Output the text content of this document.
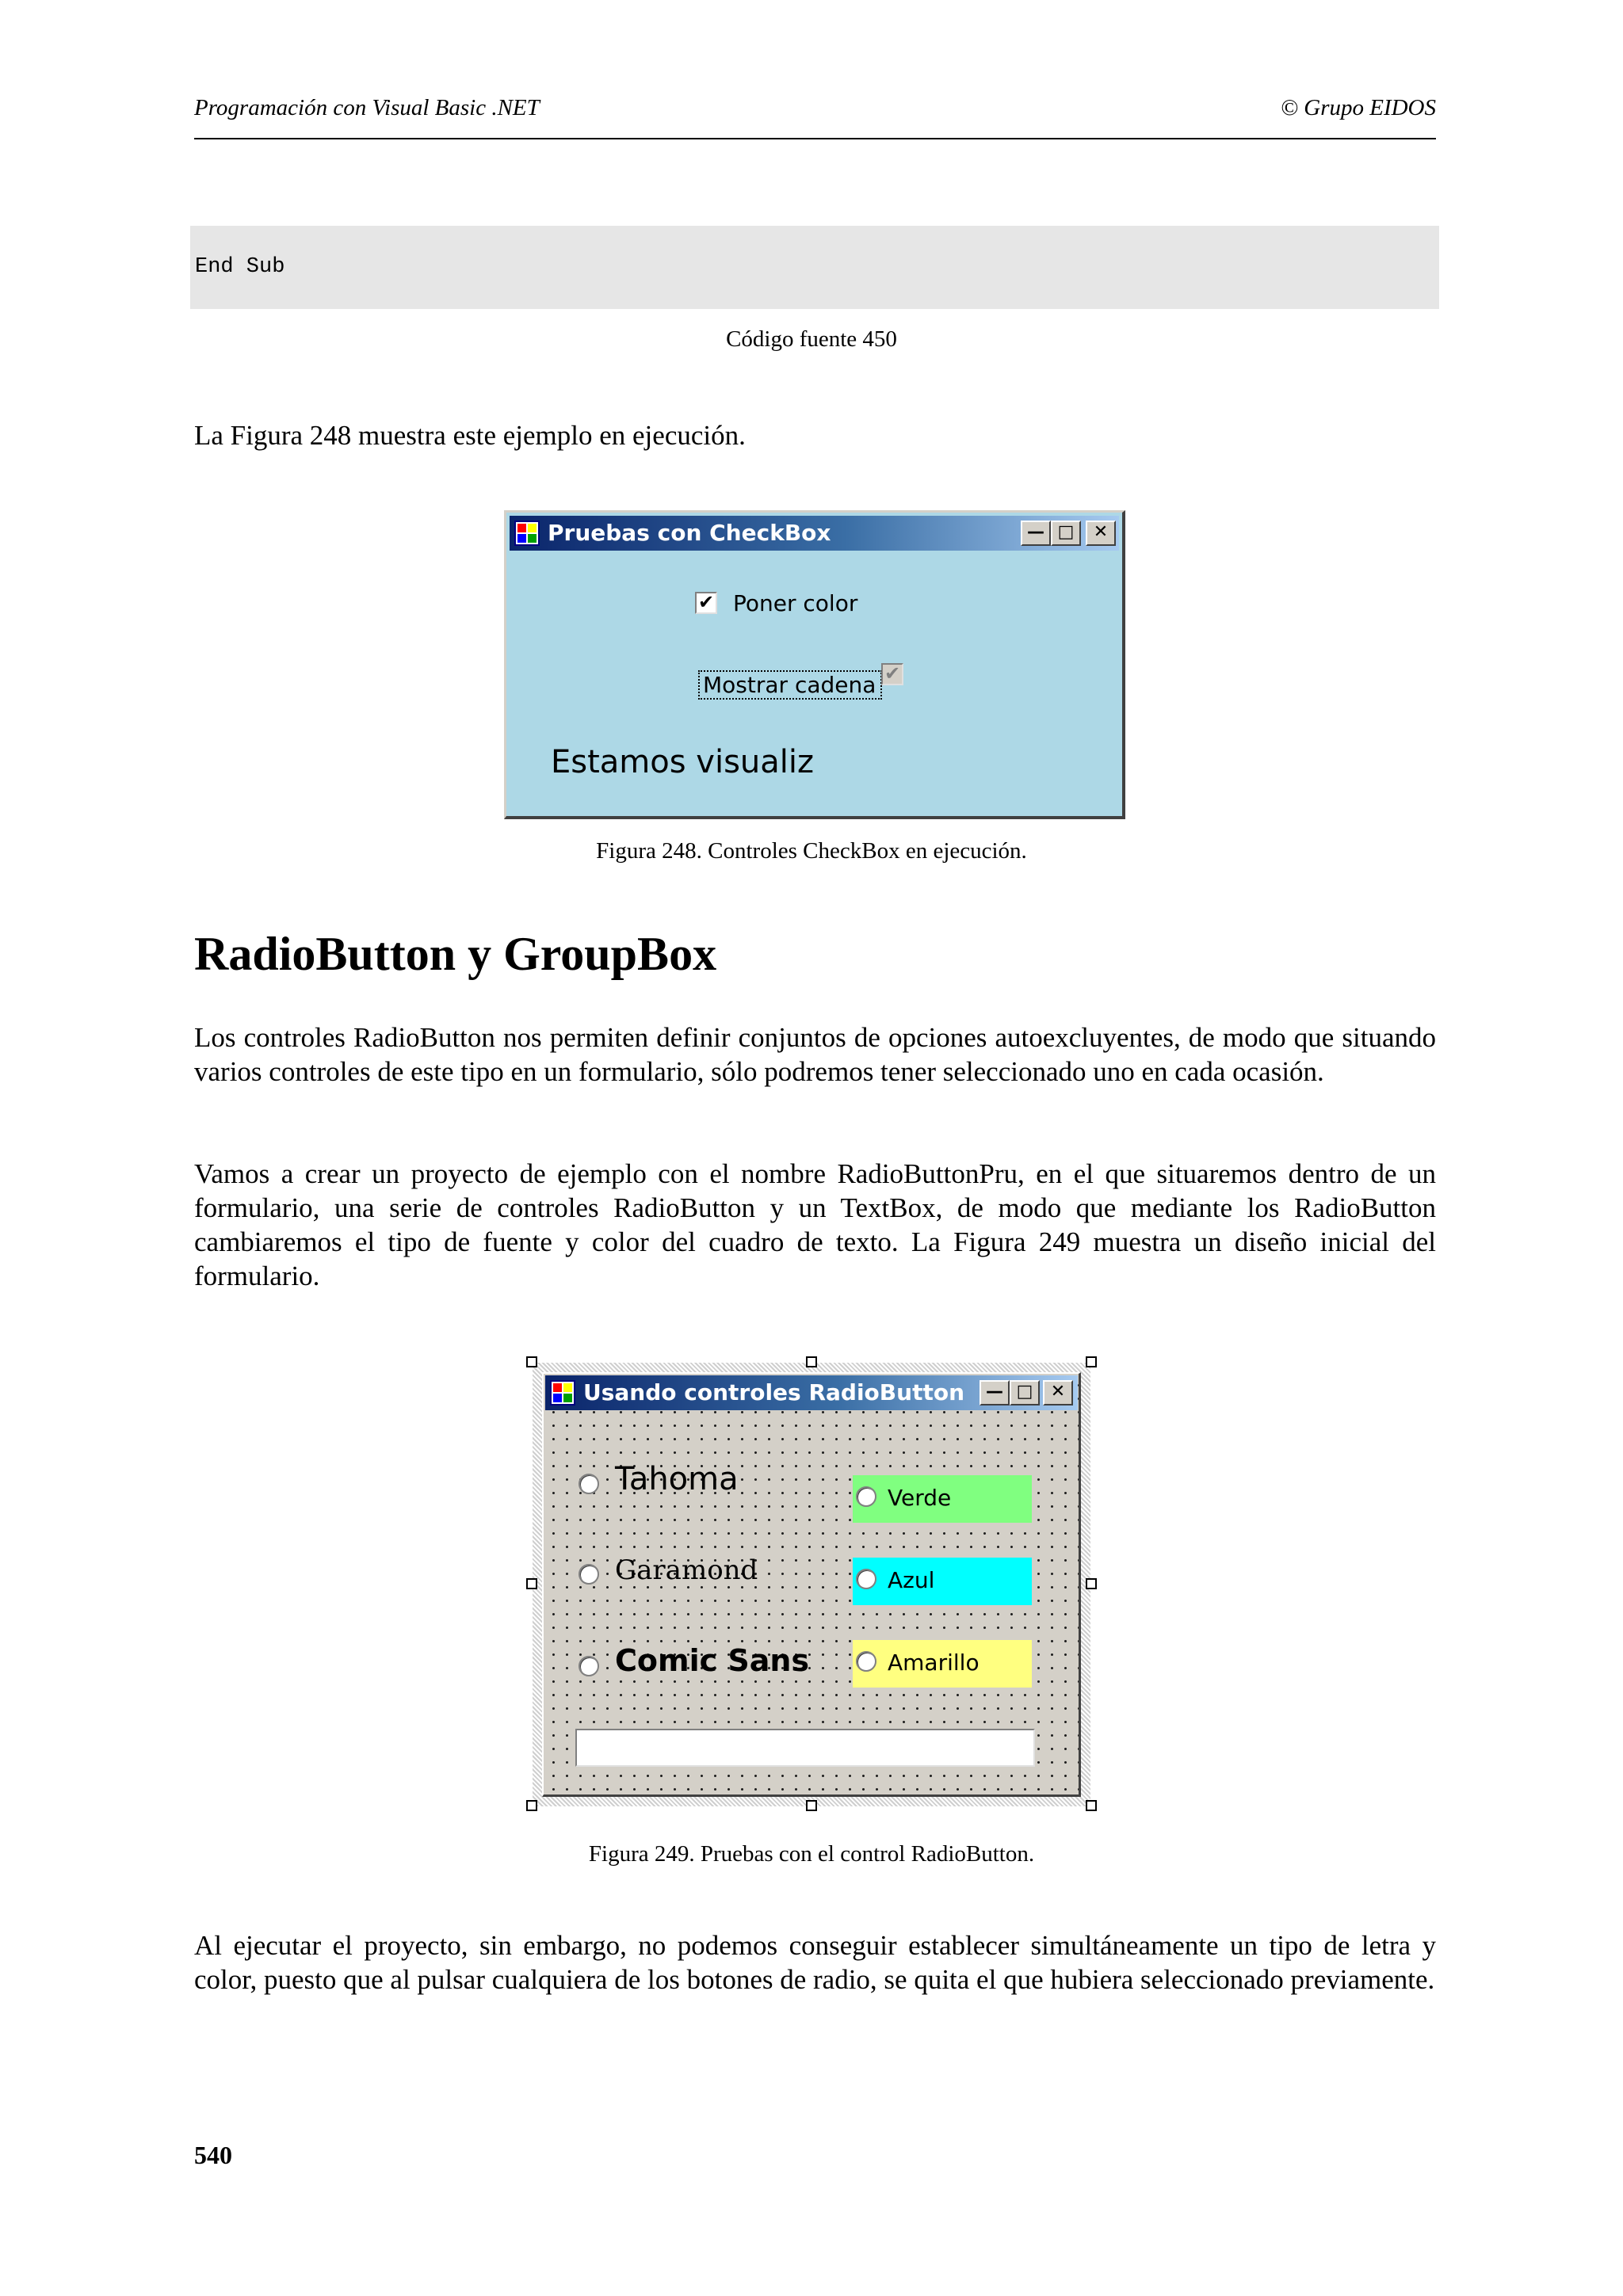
Programación con Visual Basic .NET	© Grupo EIDOS
End Sub
Código fuente 450
La Figura 248 muestra este ejemplo en ejecución.
Pruebas con CheckBox	— □	✕
✔ Poner color
Mostrar cadena ✔
Estamos visualiz
Figura 248. Controles CheckBox en ejecución.
RadioButton y GroupBox
Los controles RadioButton nos permiten definir conjuntos de opciones autoexcluyentes, de modo que situando varios controles de este tipo en un formulario, sólo podremos tener seleccionado uno en cada ocasión.
Vamos a crear un proyecto de ejemplo con el nombre RadioButtonPru, en el que situaremos dentro de un formulario, una serie de controles RadioButton y un TextBox, de modo que mediante los RadioButton cambiaremos el tipo de fuente y color del cuadro de texto. La Figura 249 muestra un diseño inicial del formulario.
Usando controles RadioButton	— □	✕
Tahoma
Garamond
Comic Sans
Verde
Azul
Amarillo
Figura 249. Pruebas con el control RadioButton.
Al ejecutar el proyecto, sin embargo, no podemos conseguir establecer simultáneamente un tipo de letra y color, puesto que al pulsar cualquiera de los botones de radio, se quita el que hubiera seleccionado previamente.
540
